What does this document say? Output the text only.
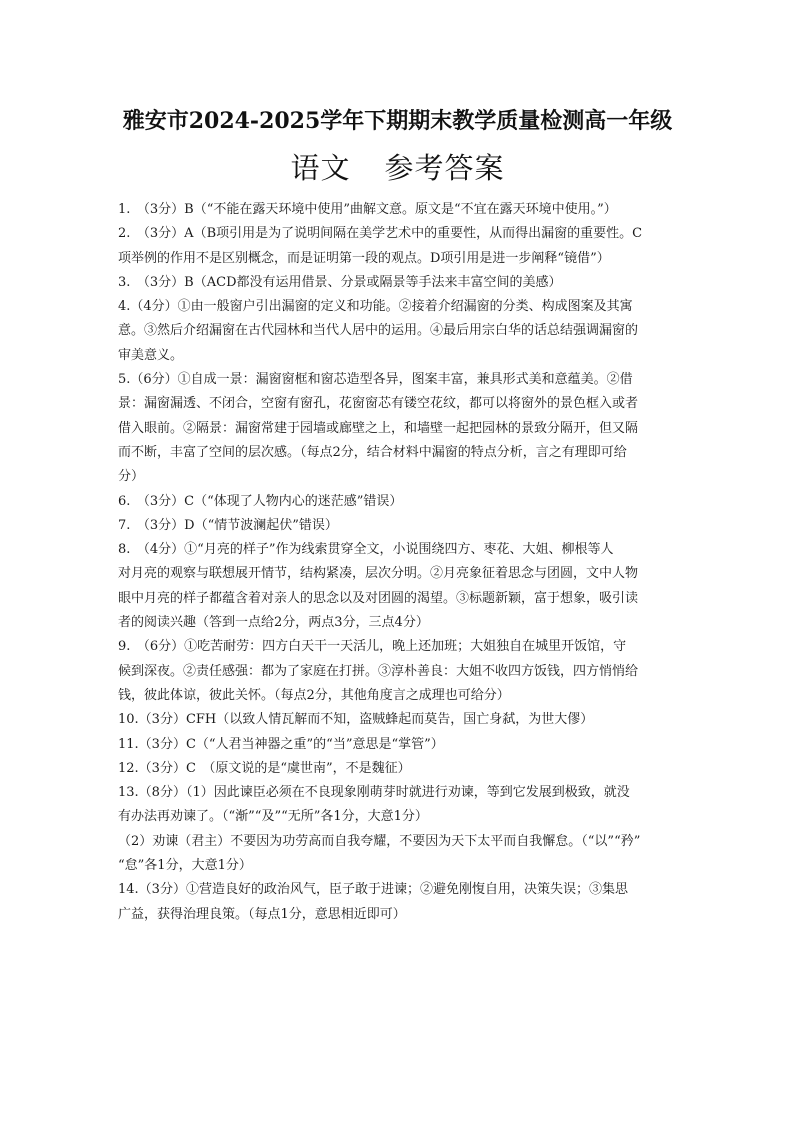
雅安市2024-2025学年下期期末教学质量检测高一年级
语文 参考答案
1.　（3分）B（“不能在露天环境中使用”曲解文意。原文是“不宜在露天环境中使用。”）
2.　（3分）A（B项引用是为了说明间隔在美学艺术中的重要性，从而得出漏窗的重要性。C
项举例的作用不是区别概念，而是证明第一段的观点。D项引用是进一步阐释“镜借”）
3.　（3分）B（ACD都没有运用借景、分景或隔景等手法来丰富空间的美感）
4.（4分）①由一般窗户引出漏窗的定义和功能。②接着介绍漏窗的分类、构成图案及其寓
意。③然后介绍漏窗在古代园林和当代人居中的运用。④最后用宗白华的话总结强调漏窗的
审美意义。
5.（6分）①自成一景：漏窗窗框和窗芯造型各异，图案丰富，兼具形式美和意蕴美。②借
景：漏窗漏透、不闭合，空窗有窗孔，花窗窗芯有镂空花纹，都可以将窗外的景色框入或者
借入眼前。②隔景：漏窗常建于园墙或廊壁之上，和墙壁一起把园林的景致分隔开，但又隔
而不断，丰富了空间的层次感。（每点2分，结合材料中漏窗的特点分析，言之有理即可给
分）
6.　（3分）C（“体现了人物内心的迷茫感”错误）
7.　（3分）D（“情节波澜起伏”错误）
8.　（4分）①“月亮的样子”作为线索贯穿全文，小说围绕四方、枣花、大姐、柳根等人
对月亮的观察与联想展开情节，结构紧凑，层次分明。②月亮象征着思念与团圆，文中人物
眼中月亮的样子都蕴含着对亲人的思念以及对团圆的渴望。③标题新颖，富于想象，吸引读
者的阅读兴趣（答到一点给2分，两点3分，三点4分）
9.　（6分）①吃苦耐劳：四方白天干一天活儿，晚上还加班；大姐独自在城里开饭馆，守
候到深夜。②责任感强：都为了家庭在打拼。③淳朴善良：大姐不收四方饭钱，四方悄悄给
钱，彼此体谅，彼此关怀。（每点2分，其他角度言之成理也可给分）
10.（3分）CFH（以致人情瓦解而不知，盗贼蜂起而莫告，国亡身弑，为世大僇）
11.（3分）C（“人君当神器之重”的“当”意思是“掌管”）
12.（3分）C　（原文说的是“虞世南”，不是魏征）
13.（8分）（1）因此谏臣必须在不良现象刚萌芽时就进行劝谏，等到它发展到极致，就没
有办法再劝谏了。（“渐”“及”“无所”各1分，大意1分）
（2）劝谏（君主）不要因为功劳高而自我夸耀，不要因为天下太平而自我懈怠。（“以”“矜”
“怠”各1分，大意1分）
14.（3分）①营造良好的政治风气，臣子敢于进谏；②避免刚愎自用，决策失误；③集思
广益，获得治理良策。（每点1分，意思相近即可）
